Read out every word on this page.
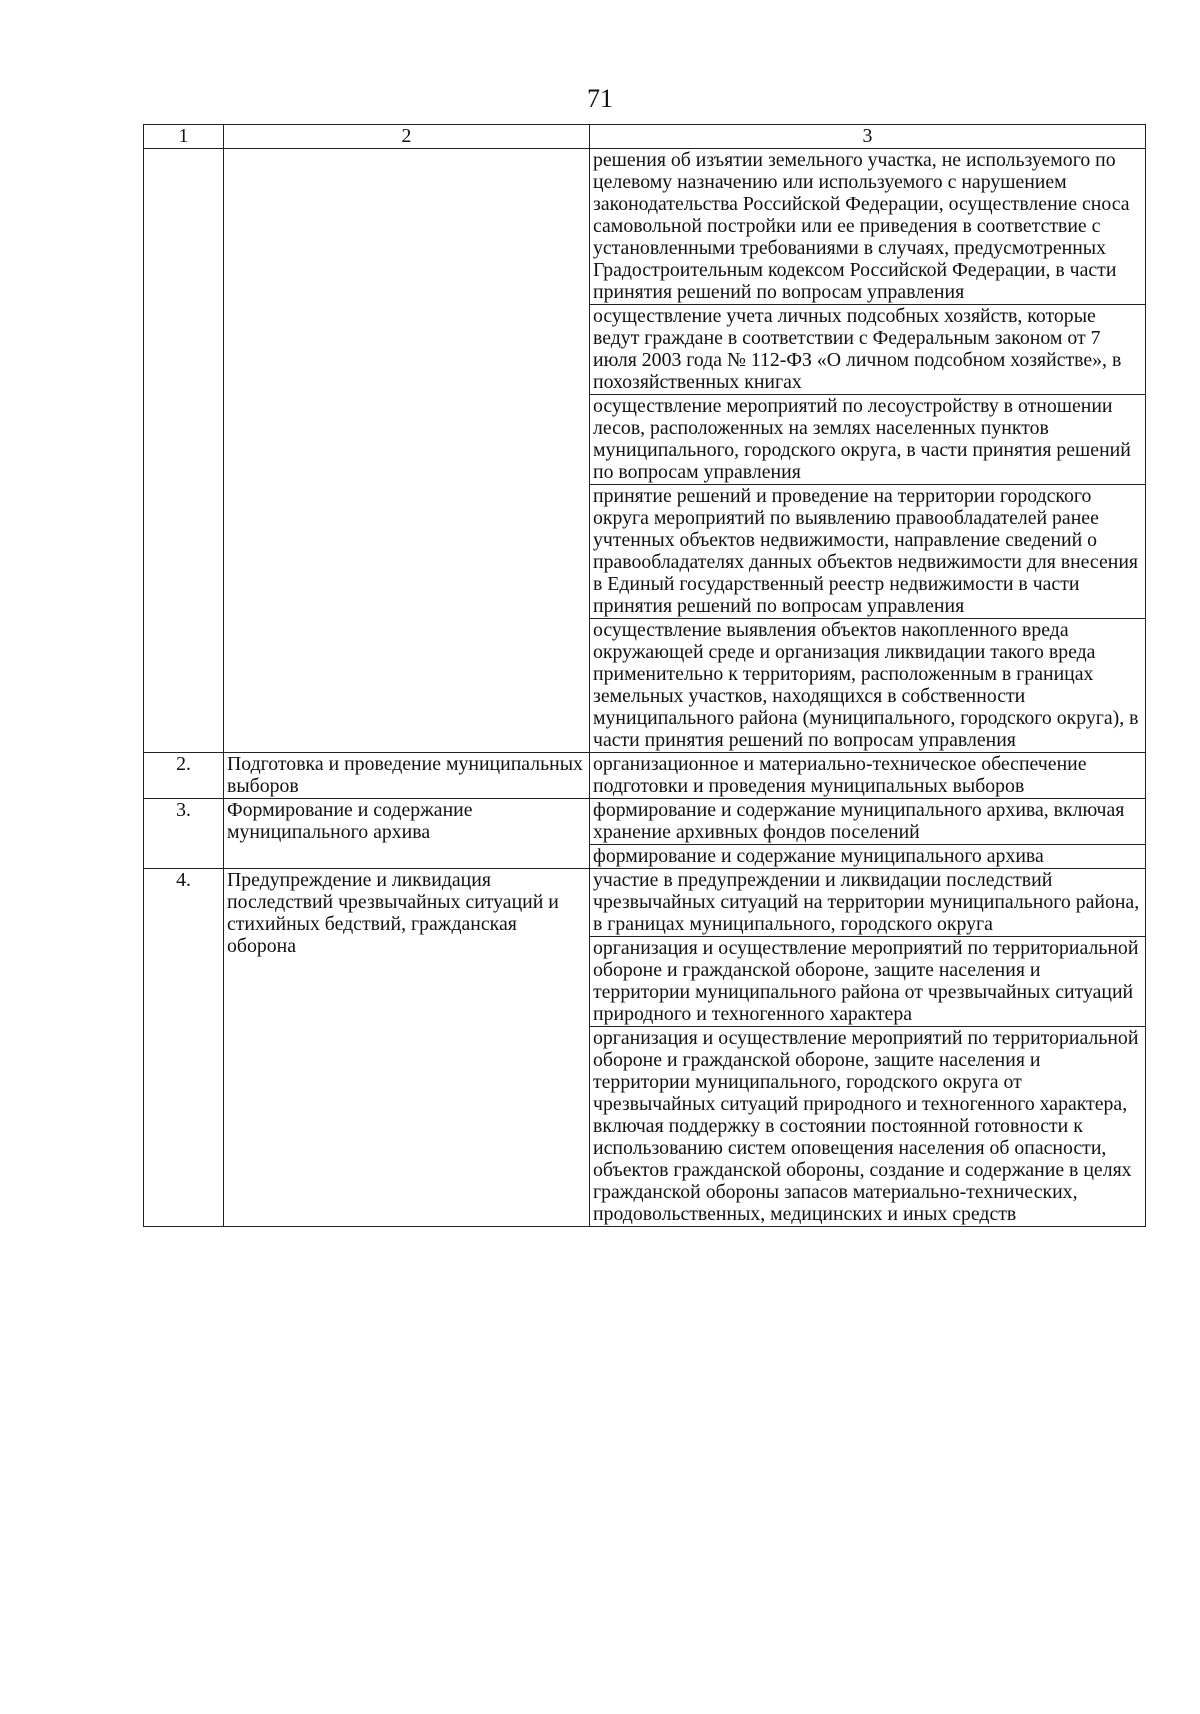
71
1	2	3
		решения об изъятии земельного участка, не используемого по целевому назначению или используемого с нарушением законодательства Российской Федерации, осуществление сноса самовольной постройки или ее приведения в соответствие с установленными требованиями в случаях, предусмотренных Градостроительным кодексом Российской Федерации, в части принятия решений по вопросам управления
		осуществление учета личных подсобных хозяйств, которые ведут граждане в соответствии с Федеральным законом от 7 июля 2003 года № 112-ФЗ «О личном подсобном хозяйстве», в похозяйственных книгах
		осуществление мероприятий по лесоустройству в отношении лесов, расположенных на землях населенных пунктов муниципального, городского округа, в части принятия решений по вопросам управления
		принятие решений и проведение на территории городского округа мероприятий по выявлению правообладателей ранее учтенных объектов недвижимости, направление сведений о правообладателях данных объектов недвижимости для внесения в Единый государственный реестр недвижимости в части принятия решений по вопросам управления
		осуществление выявления объектов накопленного вреда окружающей среде и организация ликвидации такого вреда применительно к территориям, расположенным в границах земельных участков, находящихся в собственности муниципального района (муниципального, городского округа), в части принятия решений по вопросам управления
2.	Подготовка и проведение муниципальных выборов	организационное и материально-техническое обеспечение подготовки и проведения муниципальных выборов
3.	Формирование и содержание муниципального архива	формирование и содержание муниципального архива, включая хранение архивных фондов поселений
		формирование и содержание муниципального архива
4.	Предупреждение и ликвидация последствий чрезвычайных ситуаций и стихийных бедствий, гражданская оборона	участие в предупреждении и ликвидации последствий чрезвычайных ситуаций на территории муниципального района, в границах муниципального, городского округа
		организация и осуществление мероприятий по территориальной обороне и гражданской обороне, защите населения и территории муниципального района от чрезвычайных ситуаций природного и техногенного характера
		организация и осуществление мероприятий по территориальной обороне и гражданской обороне, защите населения и территории муниципального, городского округа от чрезвычайных ситуаций природного и техногенного характера, включая поддержку в состоянии постоянной готовности к использованию систем оповещения населения об опасности, объектов гражданской обороны, создание и содержание в целях гражданской обороны запасов материально-технических, продовольственных, медицинских и иных средств
